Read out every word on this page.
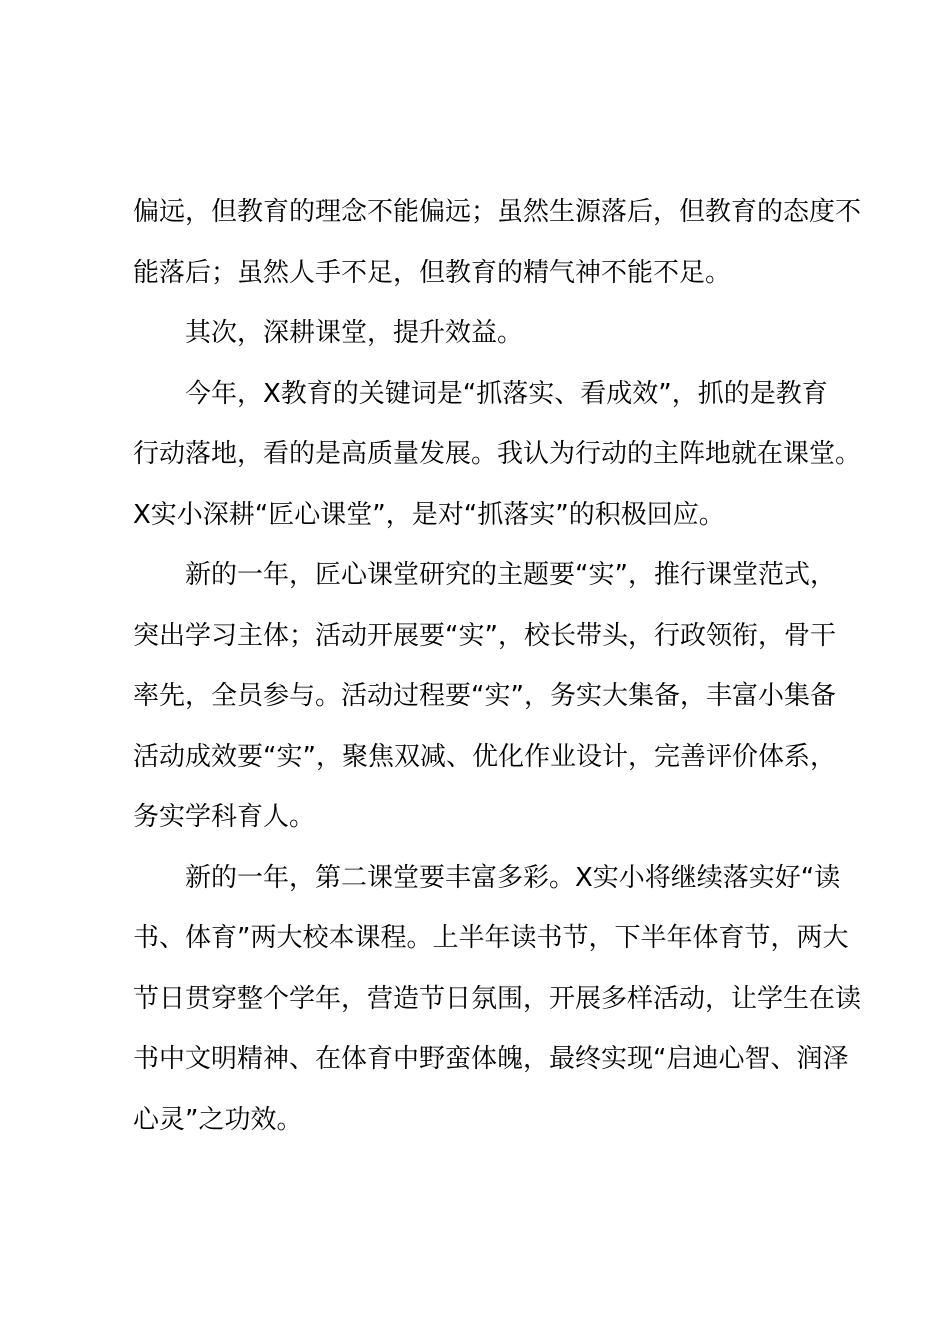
偏远，但教育的理念不能偏远；虽然生源落后，但教育的态度不
能落后；虽然人手不足，但教育的精气神不能不足。
其次，深耕课堂，提升效益。
今年，X教育的关键词是“抓落实、看成效”，抓的是教育
行动落地，看的是高质量发展。我认为行动的主阵地就在课堂。
X实小深耕“匠心课堂”，是对“抓落实”的积极回应。
新的一年，匠心课堂研究的主题要“实”，推行课堂范式，
突出学习主体；活动开展要“实”，校长带头，行政领衔，骨干
率先，全员参与。活动过程要“实”，务实大集备，丰富小集备
活动成效要“实”，聚焦双减、优化作业设计，完善评价体系，
务实学科育人。
新的一年，第二课堂要丰富多彩。X实小将继续落实好“读
书、体育”两大校本课程。上半年读书节，下半年体育节，两大
节日贯穿整个学年，营造节日氛围，开展多样活动，让学生在读
书中文明精神、在体育中野蛮体魄，最终实现“启迪心智、润泽
心灵”之功效。
